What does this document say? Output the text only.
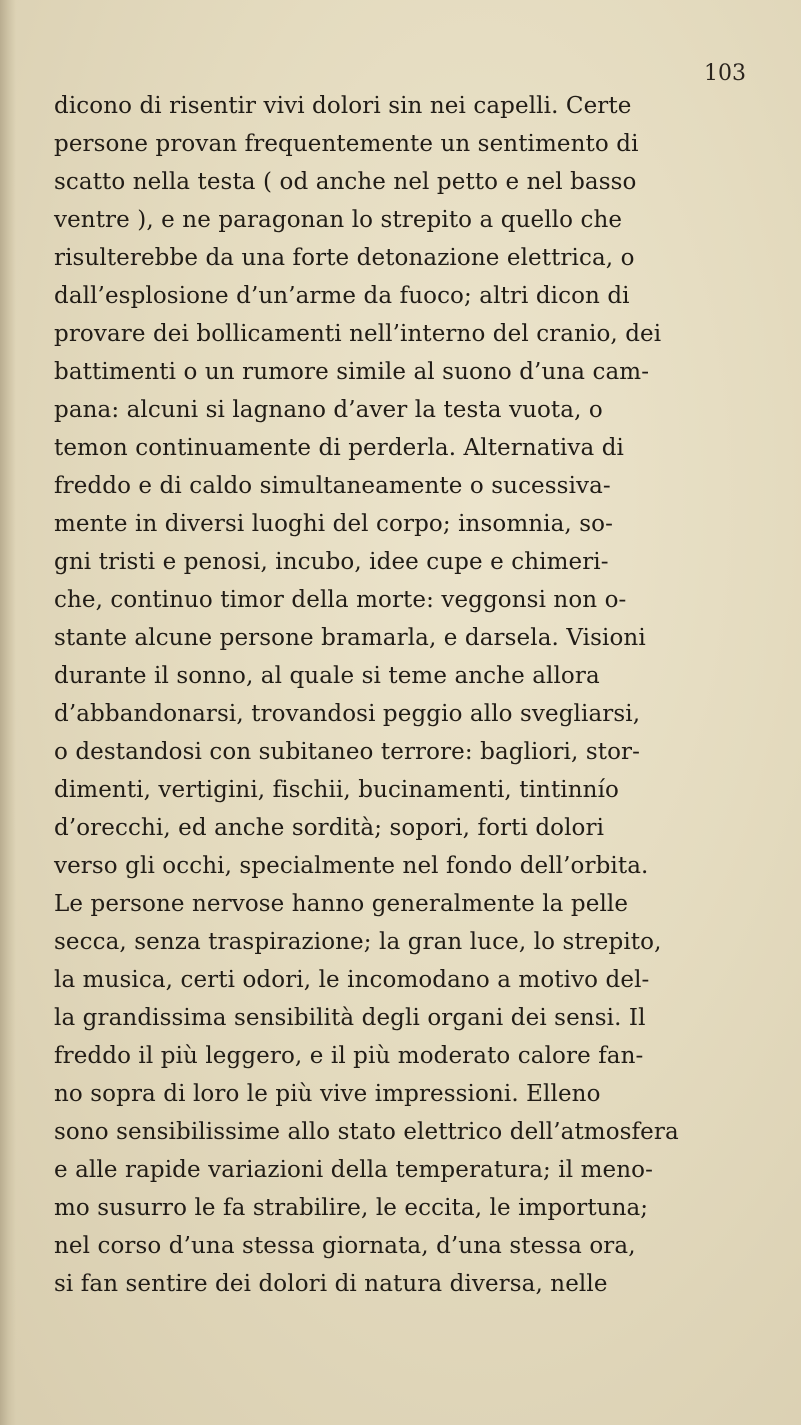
103
dicono di risentir vivi dolori sin nei capelli. Certe
persone provan frequentemente un sentimento di
scatto nella testa ( od anche nel petto e nel basso
ventre ), e ne paragonan lo strepito a quello che
risulterebbe da una forte detonazione elettrica, o
dall’esplosione d’un’arme da fuoco; altri dicon di
provare dei bollicamenti nell’interno del cranio, dei
battimenti o un rumore simile al suono d’una cam-
pana: alcuni si lagnano d’aver la testa vuota, o
temon continuamente di perderla. Alternativa di
freddo e di caldo simultaneamente o sucessiva-
mente in diversi luoghi del corpo; insomnia, so-
gni tristi e penosi, incubo, idee cupe e chimeri-
che, continuo timor della morte: veggonsi non o-
stante alcune persone bramarla, e darsela. Visioni
durante il sonno, al quale si teme anche allora
d’abbandonarsi, trovandosi peggio allo svegliarsi,
o destandosi con subitaneo terrore: bagliori, stor-
dimenti, vertigini, fischii, bucinamenti, tintinnío
d’orecchi, ed anche sordità; sopori, forti dolori
verso gli occhi, specialmente nel fondo dell’orbita.
Le persone nervose hanno generalmente la pelle
secca, senza traspirazione; la gran luce, lo strepito,
la musica, certi odori, le incomodano a motivo del-
la grandissima sensibilità degli organi dei sensi. Il
freddo il più leggero, e il più moderato calore fan-
no sopra di loro le più vive impressioni. Elleno
sono sensibilissime allo stato elettrico dell’atmosfera
e alle rapide variazioni della temperatura; il meno-
mo susurro le fa strabilire, le eccita, le importuna;
nel corso d’una stessa giornata, d’una stessa ora,
si fan sentire dei dolori di natura diversa, nelle
